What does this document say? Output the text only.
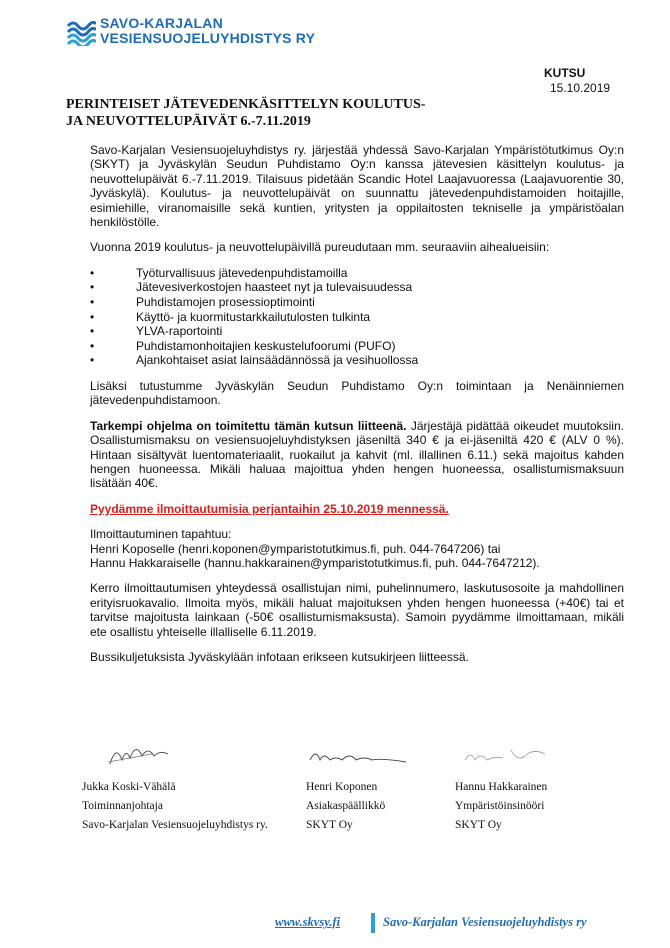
SAVO-KARJALAN
VESIENSUOJELUYHDISTYS RY
KUTSU
15.10.2019
PERINTEISET JÄTEVEDENKÄSITTELYN KOULUTUS-
JA NEUVOTTELUPÄIVÄT 6.-7.11.2019

Savo-Karjalan Vesiensuojeluyhdistys ry. järjestää yhdessä Savo-Karjalan Ympäristötutkimus Oy:n (SKYT) ja Jyväskylän Seudun Puhdistamo Oy:n kanssa jätevesien käsittelyn koulutus- ja neuvottelupäivät 6.-7.11.2019. Tilaisuus pidetään Scandic Hotel Laajavuoressa (Laajavuorentie 30, Jyväskylä). Koulutus- ja neuvottelupäivät on suunnattu jätevedenpuhdistamoiden hoitajille, esimiehille, viranomaisille sekä kuntien, yritysten ja oppilaitosten tekniselle ja ympäristöalan henkilöstölle.

Vuonna 2019 koulutus- ja neuvottelupäivillä pureudutaan mm. seuraaviin aihealueisiin:

• Työturvallisuus jätevedenpuhdistamoilla
• Jätevesiverkostojen haasteet nyt ja tulevaisuudessa
• Puhdistamojen prosessioptimointi
• Käyttö- ja kuormitustarkkailutulosten tulkinta
• YLVA-raportointi
• Puhdistamonhoitajien keskustelufoorumi (PUFO)
• Ajankohtaiset asiat lainsäädännössä ja vesihuollossa

Lisäksi tutustumme Jyväskylän Seudun Puhdistamo Oy:n toimintaan ja Nenäinniemen jätevedenpuhdistamoon.

Tarkempi ohjelma on toimitettu tämän kutsun liitteenä. Järjestäjä pidättää oikeudet muutoksiin. Osallistumismaksu on vesiensuojeluyhdistyksen jäseniltä 340 € ja ei-jäseniltä 420 € (ALV 0 %). Hintaan sisältyvät luentomateriaalit, ruokailut ja kahvit (ml. illallinen 6.11.) sekä majoitus kahden hengen huoneessa. Mikäli haluaa majoittua yhden hengen huoneessa, osallistumismaksuun lisätään 40€.

Pyydämme ilmoittautumisia perjantaihin 25.10.2019 mennessä.

Ilmoittautuminen tapahtuu:

Henri Koposelle (henri.koponen@ymparistotutkimus.fi, puh. 044-7647206) tai

Hannu Hakkaraiselle (hannu.hakkarainen@ymparistotutkimus.fi, puh. 044-7647212).

Kerro ilmoittautumisen yhteydessä osallistujan nimi, puhelinnumero, laskutusosoite ja mahdollinen erityisruokavalio. Ilmoita myös, mikäli haluat majoituksen yhden hengen huoneessa (+40€) tai et tarvitse majoitusta lainkaan (-50€ osallistumismaksusta). Samoin pyydämme ilmoittamaan, mikäli ete osallistu yhteiselle illalliselle 6.11.2019.

Bussikuljetuksista Jyväskylään infotaan erikseen kutsukirjeen liitteessä.

Jukka Koski-Vähälä
Toiminnanjohtaja
Savo-Karjalan Vesiensuojeluyhdistys ry.
Henri Koponen
Asiakaspäällikkö
SKYT Oy
Hannu Hakkarainen
Ympäristöinsinööri
SKYT Oy
www.skvsy.fi	Savo-Karjalan Vesiensuojeluyhdistys ry
